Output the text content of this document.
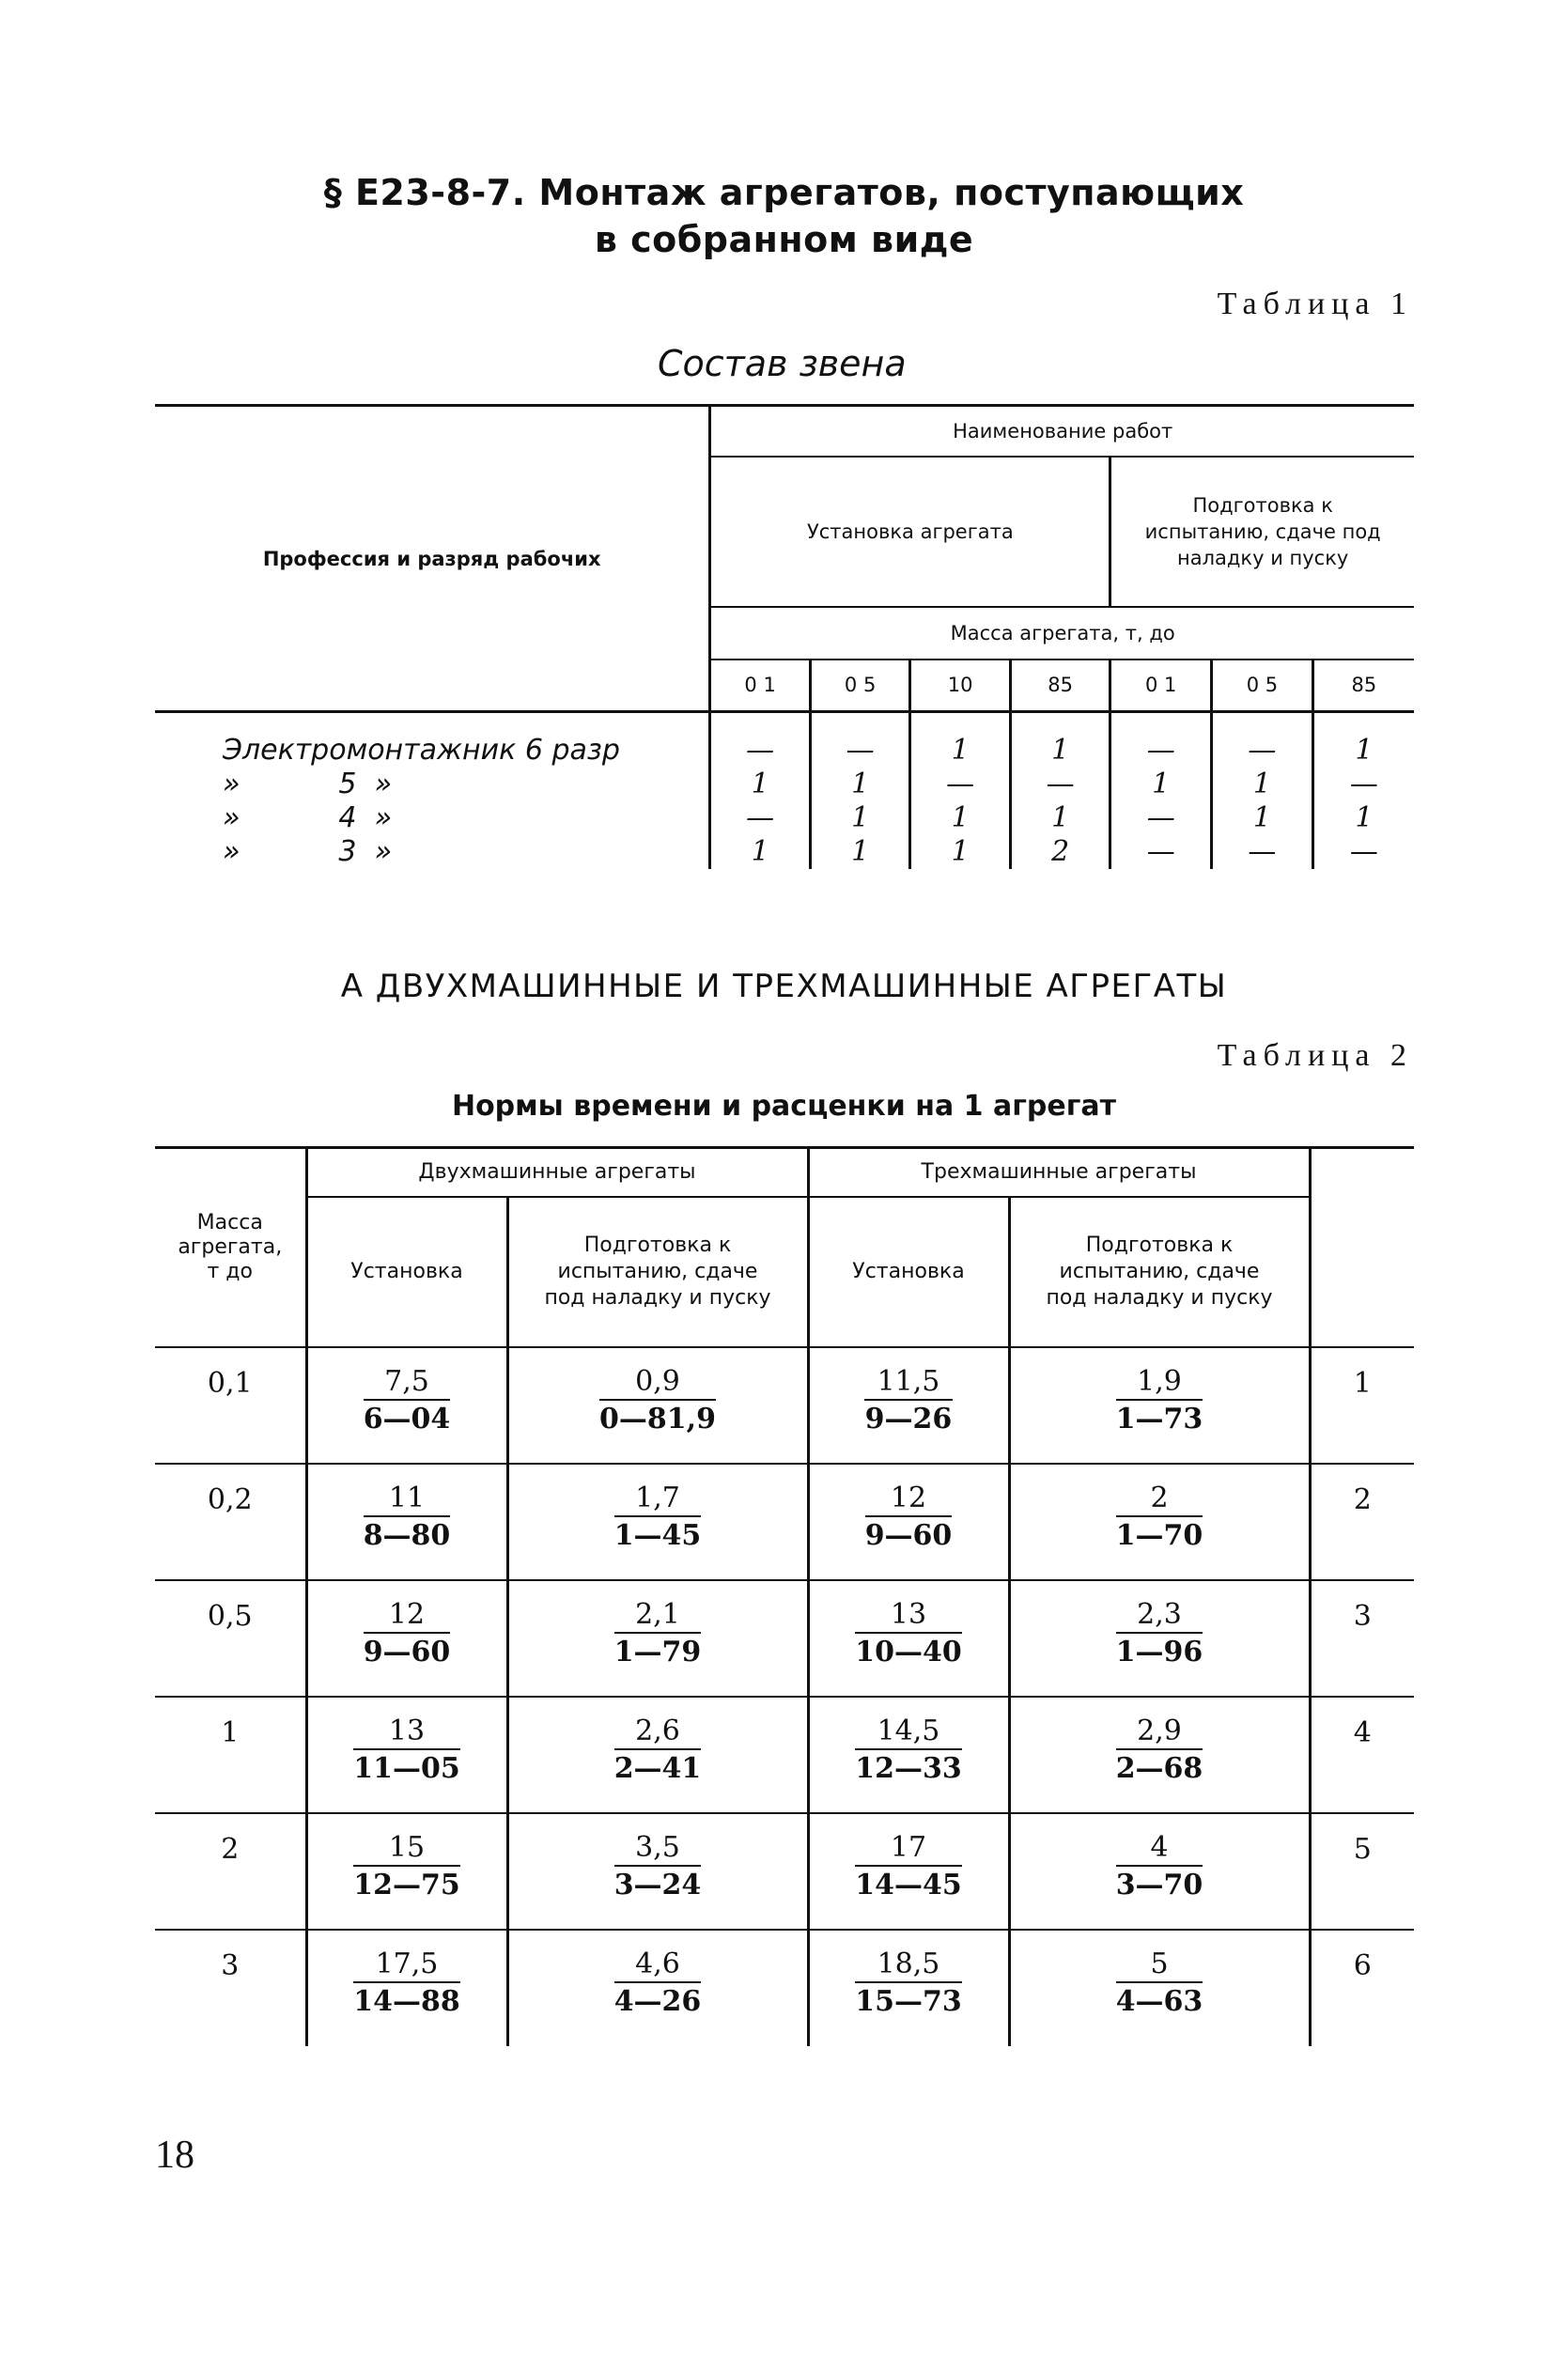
§ Е23-8-7. Монтаж агрегатов, поступающих
в собранном виде
Таблица 1
Состав звена
Профессия и разряд рабочих	Наименование работ						
	Установка агрегата				Подготовка к испытанию, сдаче под наладку и пуску		
	Масса агрегата, т, до						
	0 1	0 5	10	85	0 1	0 5	85
Электромонтажник 6 разр	—	—	1	1	—	—	1
»           5  »	1	1	—	—	1	1	—
»           4  »	—	1	1	1	—	1	1
»           3  »	1	1	1	2	—	—	—
А ДВУХМАШИННЫЕ И ТРЕХМАШИННЫЕ АГРЕГАТЫ
Таблица 2
Нормы времени и расценки на 1 агрегат
Масса агрегата, т до	Двухмашинные агрегаты		Трехмашинные агрегаты		
	Установка	Подготовка к испытанию, сдаче под наладку и пуску	Установка	Подготовка к испытанию, сдаче под наладку и пуску	
0,1	$\frac{7,5}{6—04}$	$\frac{0,9}{0—81,9}$	$\frac{11,5}{9—26}$	$\frac{1,9}{1—73}$	1
0,2	$\frac{11}{8—80}$	$\frac{1,7}{1—45}$	$\frac{12}{9—60}$	$\frac{2}{1—70}$	2
0,5	$\frac{12}{9—60}$	$\frac{2,1}{1—79}$	$\frac{13}{10—40}$	$\frac{2,3}{1—96}$	3
1	$\frac{13}{11—05}$	$\frac{2,6}{2—41}$	$\frac{14,5}{12—33}$	$\frac{2,9}{2—68}$	4
2	$\frac{15}{12—75}$	$\frac{3,5}{3—24}$	$\frac{17}{14—45}$	$\frac{4}{3—70}$	5
3	$\frac{17,5}{14—88}$	$\frac{4,6}{4—26}$	$\frac{18,5}{15—73}$	$\frac{5}{4—63}$	6
18
